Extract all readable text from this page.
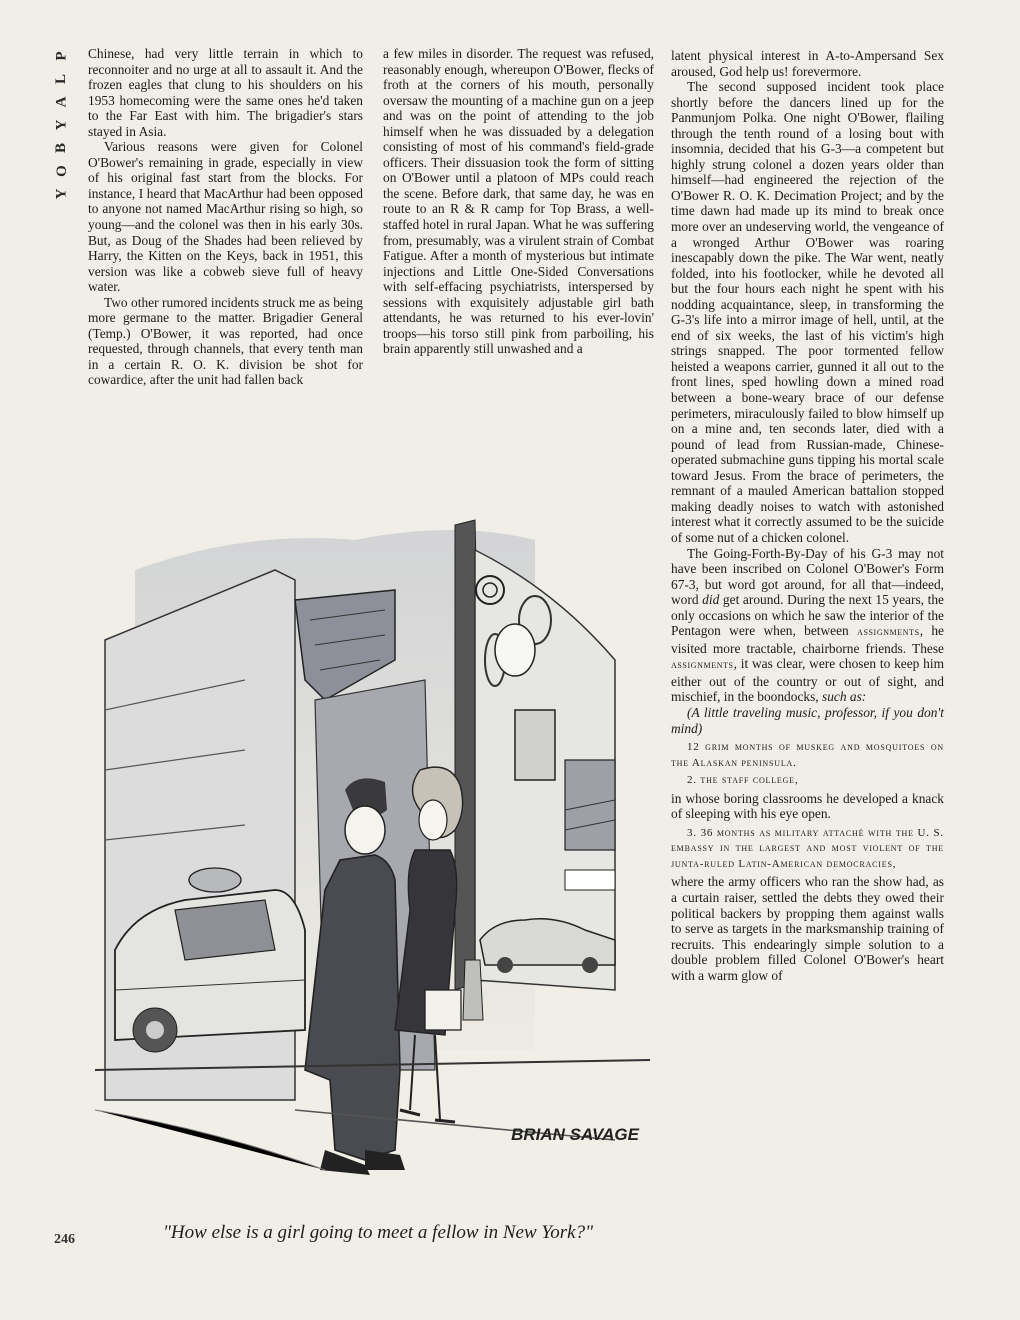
P
L
A
Y
B
O
Y

Chinese, had very little terrain in which to reconnoiter and no urge at all to assault it. And the frozen eagles that clung to his shoulders on his 1953 homecoming were the same ones he'd taken to the Far East with him. The brigadier's stars stayed in Asia.

Various reasons were given for Colonel O'Bower's remaining in grade, especially in view of his original fast start from the blocks. For instance, I heard that MacArthur had been opposed to anyone not named MacArthur rising so high, so young—and the colonel was then in his early 30s. But, as Doug of the Shades had been relieved by Harry, the Kitten on the Keys, back in 1951, this version was like a cobweb sieve full of heavy water.

Two other rumored incidents struck me as being more germane to the matter. Brigadier General (Temp.) O'Bower, it was reported, had once requested, through channels, that every tenth man in a certain R. O. K. division be shot for cowardice, after the unit had fallen back

a few miles in disorder. The request was refused, reasonably enough, whereupon O'Bower, flecks of froth at the corners of his mouth, personally oversaw the mounting of a machine gun on a jeep and was on the point of attending to the job himself when he was dissuaded by a delegation consisting of most of his command's field-grade officers. Their dissuasion took the form of sitting on O'Bower until a platoon of MPs could reach the scene. Before dark, that same day, he was en route to an R & R camp for Top Brass, a well-staffed hotel in rural Japan. What he was suffering from, presumably, was a virulent strain of Combat Fatigue. After a month of mysterious but intimate injections and Little One-Sided Conversations with self-effacing psychiatrists, interspersed by sessions with exquisitely adjustable girl bath attendants, he was returned to his ever-lovin' troops—his torso still pink from parboiling, his brain apparently still unwashed and a

latent physical interest in A-to-Ampersand Sex aroused, God help us! forevermore.

The second supposed incident took place shortly before the dancers lined up for the Panmunjom Polka. One night O'Bower, flailing through the tenth round of a losing bout with insomnia, decided that his G-3—a competent but highly strung colonel a dozen years older than himself—had engineered the rejection of the O'Bower R. O. K. Decimation Project; and by the time dawn had made up its mind to break once more over an undeserving world, the vengeance of a wronged Arthur O'Bower was roaring inescapably down the pike. The War went, neatly folded, into his footlocker, while he devoted all but the four hours each night he spent with his nodding acquaintance, sleep, in transforming the G-3's life into a mirror image of hell, until, at the end of six weeks, the last of his victim's high strings snapped. The poor tormented fellow heisted a weapons carrier, gunned it all out to the front lines, sped howling down a mined road between a bone-weary brace of our defense perimeters, miraculously failed to blow himself up on a mine and, ten seconds later, died with a pound of lead from Russian-made, Chinese-operated submachine guns tipping his mortal scale toward Jesus. From the brace of perimeters, the remnant of a mauled American battalion stopped making deadly noises to watch with astonished interest what it correctly assumed to be the suicide of some nut of a chicken colonel.

The Going-Forth-By-Day of his G-3 may not have been inscribed on Colonel O'Bower's Form 67-3, but word got around, for all that—indeed, word did get around. During the next 15 years, the only occasions on which he saw the interior of the Pentagon were when, between assignments, he visited more tractable, chairborne friends. These assignments, it was clear, were chosen to keep him either out of the country or out of sight, and mischief, in the boondocks, such as:

(A little traveling music, professor, if you don't mind)

12 grim months of muskeg and mosquitoes on the Alaskan peninsula.

2. the staff college,

in whose boring classrooms he developed a knack of sleeping with his eye open.

3. 36 months as military attaché with the U. S. embassy in the largest and most violent of the junta-ruled Latin-American democracies,

where the army officers who ran the show had, as a curtain raiser, settled the debts they owed their political backers by propping them against walls to serve as targets in the marksmanship training of recruits. This endearingly simple solution to a double problem filled Colonel O'Bower's heart with a warm glow of

BRIAN SAVAGE
"How else is a girl going to meet a fellow in New York?"
246
